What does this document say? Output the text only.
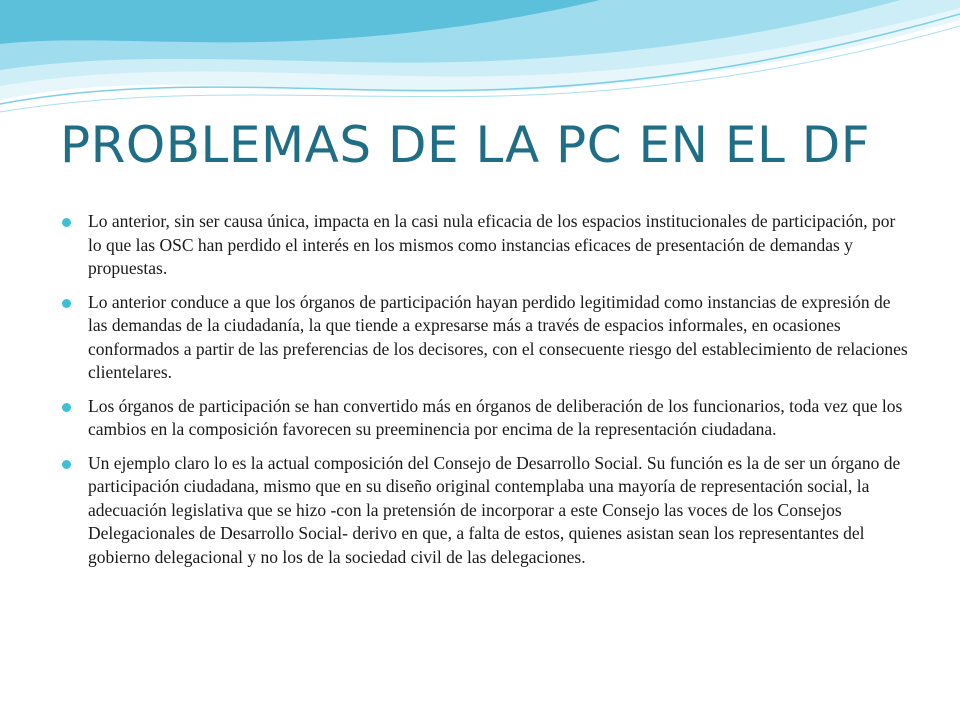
PROBLEMAS DE LA PC EN EL DF
Lo anterior, sin ser causa única, impacta en la casi nula eficacia de los espacios institucionales de participación, por lo que las OSC han perdido el interés en los mismos como instancias eficaces de presentación de demandas y propuestas.
Lo anterior conduce a que los órganos de participación hayan perdido legitimidad como instancias de expresión de las demandas de la ciudadanía, la que tiende a expresarse más a través de espacios informales, en ocasiones conformados a partir de las preferencias de los decisores, con el consecuente riesgo del establecimiento de relaciones clientelares.
Los órganos de participación se han convertido más en órganos de deliberación de los funcionarios, toda vez que los cambios en la composición favorecen su preeminencia por encima de la representación ciudadana.
Un ejemplo claro lo es la actual composición del Consejo de Desarrollo Social. Su función es la de ser un órgano de participación ciudadana, mismo que en su diseño original contemplaba una mayoría de representación social, la adecuación legislativa que se hizo -con la pretensión de incorporar a este Consejo las voces de los Consejos Delegacionales de Desarrollo Social- derivo en que, a falta de estos, quienes asistan sean los representantes del gobierno delegacional y no los de la sociedad civil de las delegaciones.
